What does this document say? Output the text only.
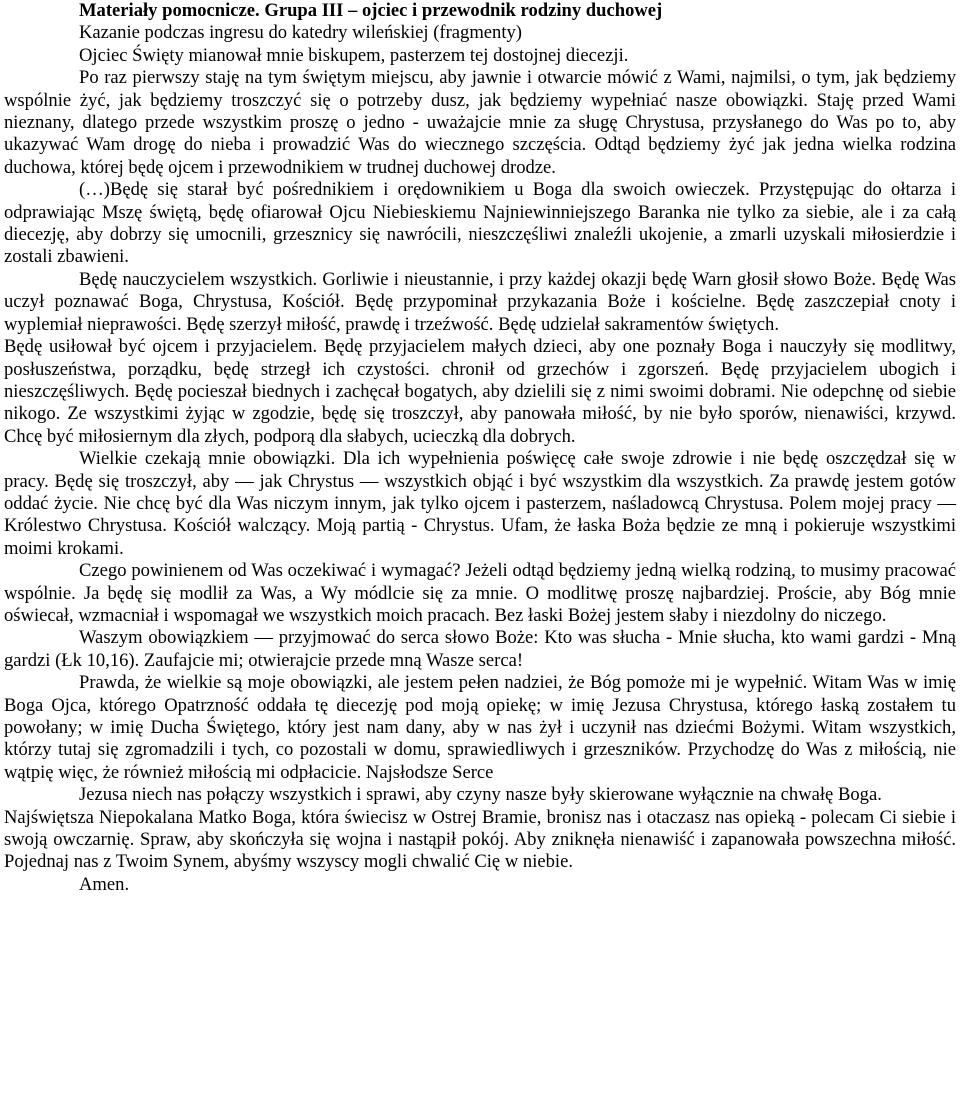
Materiały pomocnicze. Grupa III – ojciec i przewodnik rodziny duchowej

Kazanie podczas ingresu do katedry wileńskiej (fragmenty)

Ojciec Święty mianował mnie biskupem, pasterzem tej dostojnej diecezji.

Po raz pierwszy staję na tym świętym miejscu, aby jawnie i otwarcie mówić z Wami, najmilsi, o tym, jak będziemy wspólnie żyć, jak będziemy troszczyć się o potrzeby dusz, jak będziemy wypełniać nasze obowiązki. Staję przed Wami nieznany, dlatego przede wszystkim proszę o jedno - uważajcie mnie za sługę Chrystusa, przysłanego do Was po to, aby ukazywać Wam drogę do nieba i prowadzić Was do wiecznego szczęścia. Odtąd będziemy żyć jak jedna wielka rodzina duchowa, której będę ojcem i przewodnikiem w trudnej duchowej drodze.

(…)Będę się starał być pośrednikiem i orędownikiem u Boga dla swoich owieczek. Przystępując do ołtarza i odprawiając Mszę świętą, będę ofiarował Ojcu Niebieskiemu Najniewinniejszego Baranka nie tylko za siebie, ale i za całą diecezję, aby dobrzy się umocnili, grzesznicy się nawrócili, nieszczęśliwi znaleźli ukojenie, a zmarli uzyskali miłosierdzie i zostali zbawieni.

Będę nauczycielem wszystkich. Gorliwie i nieustannie, i przy każdej okazji będę Warn głosił słowo Boże. Będę Was uczył poznawać Boga, Chrystusa, Kościół. Będę przypominał przykazania Boże i kościelne. Będę zaszczepiał cnoty i wyplemiał nieprawości. Będę szerzył miłość, prawdę i trzeźwość. Będę udzielał sakramentów świętych.

Będę usiłował być ojcem i przyjacielem. Będę przyjacielem małych dzieci, aby one poznały Boga i nauczyły się modlitwy, posłuszeństwa, porządku, będę strzegł ich czystości. chronił od grzechów i zgorszeń. Będę przyjacielem ubogich i nieszczęśliwych. Będę pocieszał biednych i zachęcał bogatych, aby dzielili się z nimi swoimi dobrami. Nie odepchnę od siebie nikogo. Ze wszystkimi żyjąc w zgodzie, będę się troszczył, aby panowała miłość, by nie było sporów, nienawiści, krzywd. Chcę być miłosiernym dla złych, podporą dla słabych, ucieczką dla dobrych.

Wielkie czekają mnie obowiązki. Dla ich wypełnienia poświęcę całe swoje zdrowie i nie będę oszczędzał się w pracy. Będę się troszczył, aby — jak Chrystus — wszystkich objąć i być wszystkim dla wszystkich. Za prawdę jestem gotów oddać życie. Nie chcę być dla Was niczym innym, jak tylko ojcem i pasterzem, naśladowcą Chrystusa. Polem mojej pracy — Królestwo Chrystusa. Kościół walczący. Moją partią - Chrystus. Ufam, że łaska Boża będzie ze mną i pokieruje wszystkimi moimi krokami.

Czego powinienem od Was oczekiwać i wymagać? Jeżeli odtąd będziemy jedną wielką rodziną, to musimy pracować wspólnie. Ja będę się modlił za Was, a Wy módlcie się za mnie. O modlitwę proszę najbardziej. Proście, aby Bóg mnie oświecał, wzmacniał i wspomagał we wszystkich moich pracach. Bez łaski Bożej jestem słaby i niezdolny do niczego.

Waszym obowiązkiem — przyjmować do serca słowo Boże: Kto was słucha - Mnie słucha, kto wami gardzi - Mną gardzi (Łk 10,16). Zaufajcie mi; otwierajcie przede mną Wasze serca!

Prawda, że wielkie są moje obowiązki, ale jestem pełen nadziei, że Bóg pomoże mi je wypełnić. Witam Was w imię Boga Ojca, którego Opatrzność oddała tę diecezję pod moją opiekę; w imię Jezusa Chrystusa, którego łaską zostałem tu powołany; w imię Ducha Świętego, który jest nam dany, aby w nas żył i uczynił nas dziećmi Bożymi. Witam wszystkich, którzy tutaj się zgromadzili i tych, co pozostali w domu, sprawiedliwych i grzeszników. Przychodzę do Was z miłością, nie wątpię więc, że również miłością mi odpłacicie. Najsłodsze Serce

Jezusa niech nas połączy wszystkich i sprawi, aby czyny nasze były skierowane wyłącznie na chwałę Boga.

Najświętsza Niepokalana Matko Boga, która świecisz w Ostrej Bramie, bronisz nas i otaczasz nas opieką - polecam Ci siebie i swoją owczarnię. Spraw, aby skończyła się wojna i nastąpił pokój. Aby zniknęła nienawiść i zapanowała powszechna miłość. Pojednaj nas z Twoim Synem, abyśmy wszyscy mogli chwalić Cię w niebie.

Amen.
